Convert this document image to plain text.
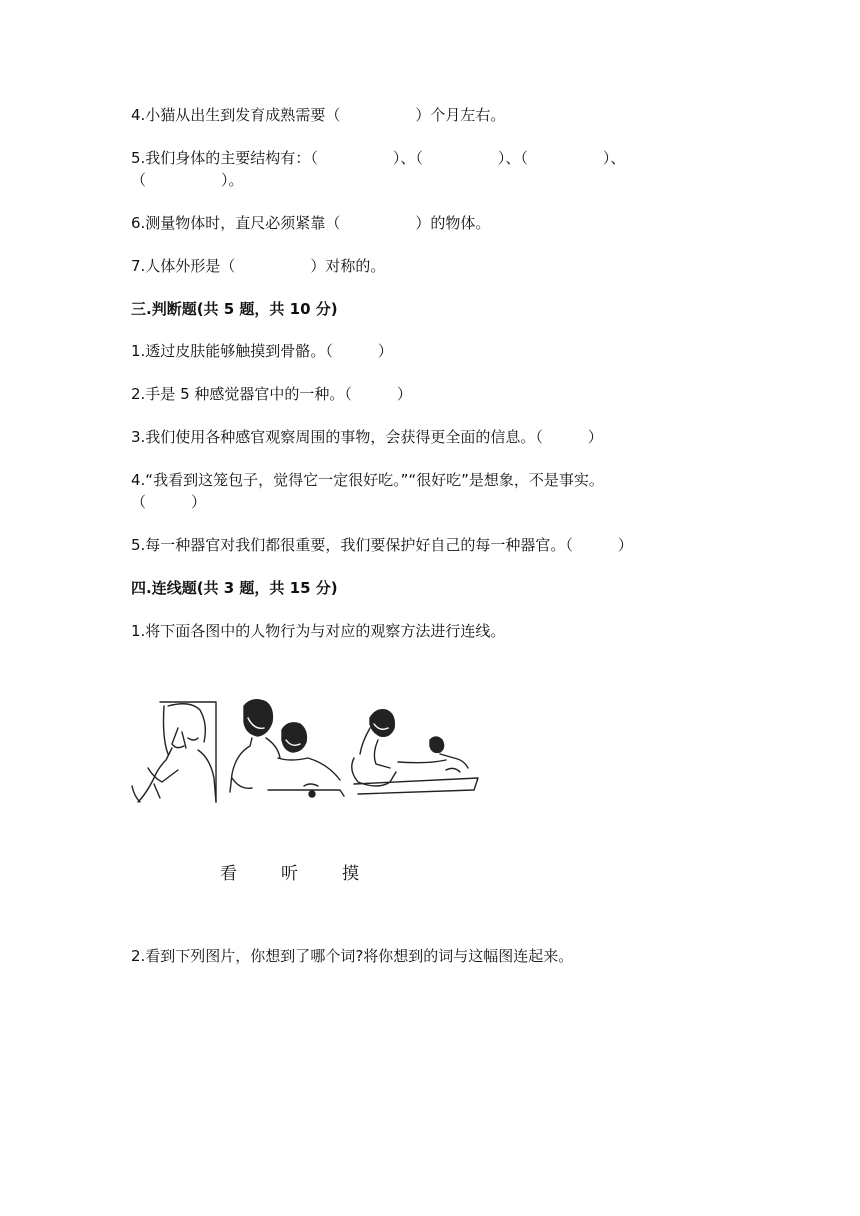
4.小猫从出生到发育成熟需要（　　　　　）个月左右。
5.我们身体的主要结构有：（　　　　　）、（　　　　　）、（　　　　　）、
（　　　　　）。
6.测量物体时，直尺必须紧靠（　　　　　）的物体。
7.人体外形是（　　　　　）对称的。
三.判断题(共 5 题，共 10 分)
1.透过皮肤能够触摸到骨骼。（　　　）
2.手是 5 种感觉器官中的一种。（　　　）
3.我们使用各种感官观察周围的事物，会获得更全面的信息。（　　　）
4.“我看到这笼包子，觉得它一定很好吃。”“很好吃”是想象，不是事实。
（　　　）
5.每一种器官对我们都很重要，我们要保护好自己的每一种器官。（　　　）
四.连线题(共 3 题，共 15 分)
1.将下面各图中的人物行为与对应的观察方法进行连线。
看	听	摸
2.看到下列图片，你想到了哪个词?将你想到的词与这幅图连起来。
